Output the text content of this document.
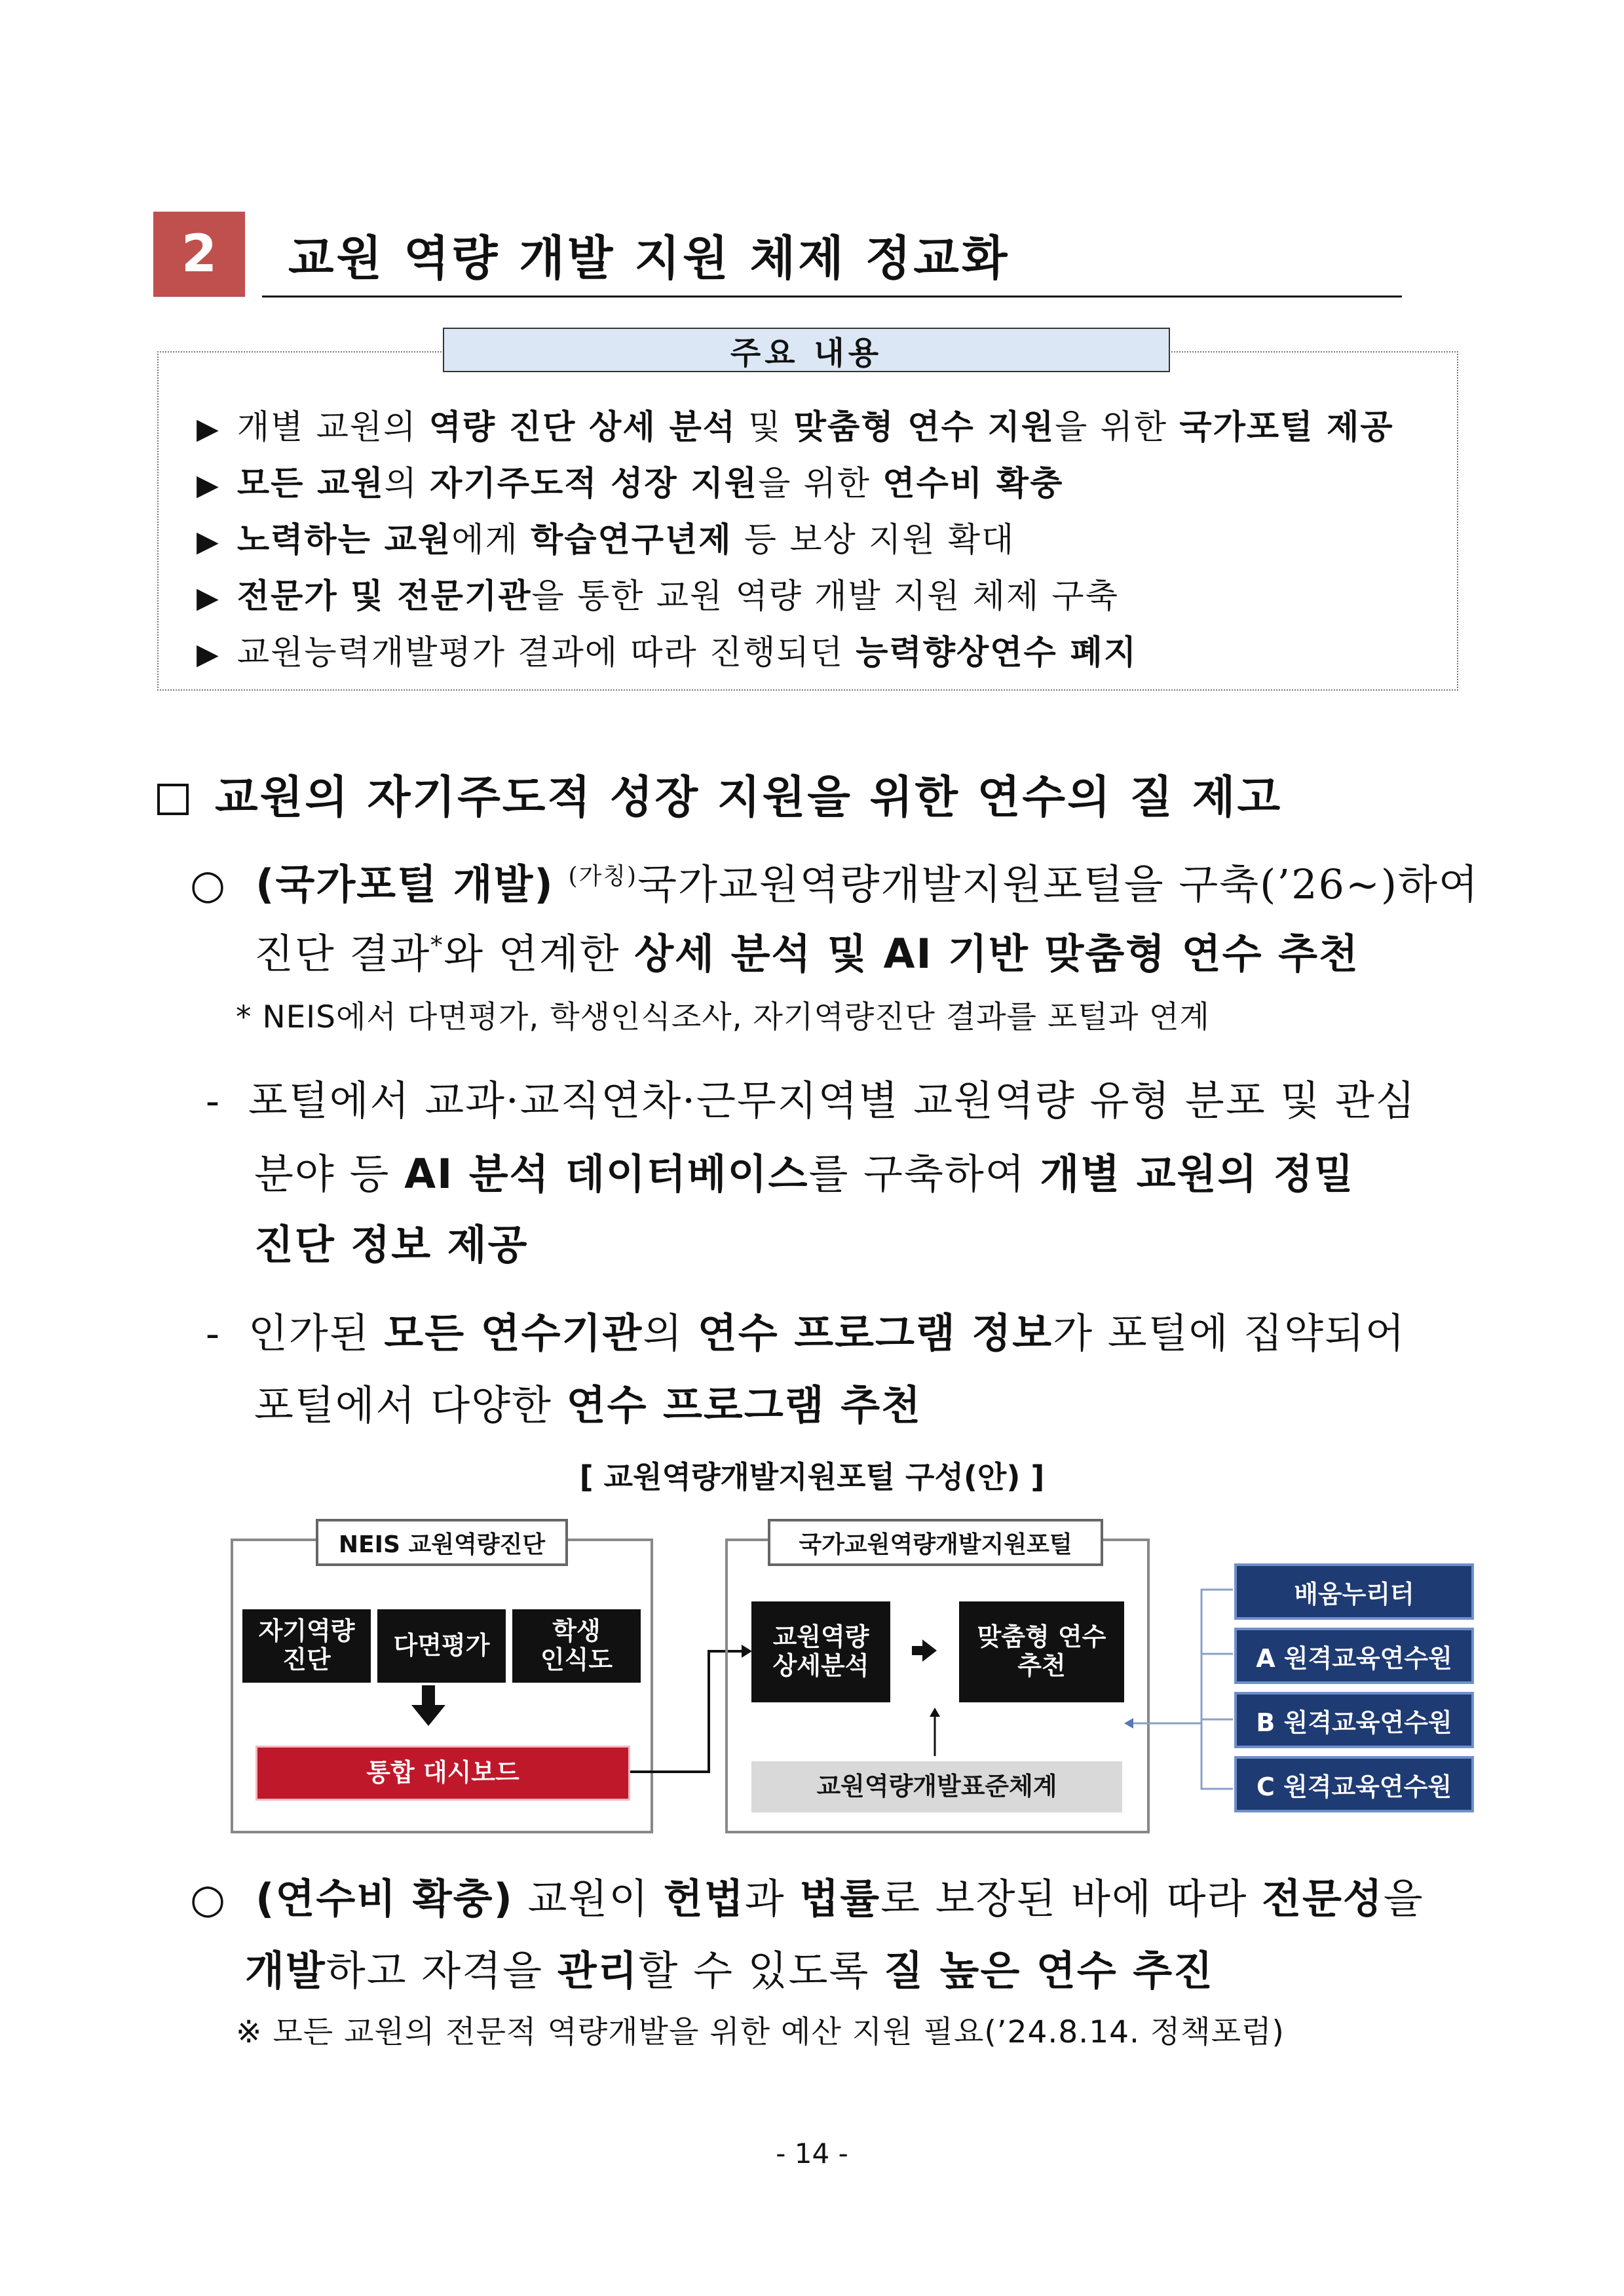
2	교원 역량 개발 지원 체제 정교화
주요 내용
▶ 개별 교원의 역량 진단 상세 분석 및 맞춤형 연수 지원을 위한 국가포털 제공
▶ 모든 교원의 자기주도적 성장 지원을 위한 연수비 확충
▶ 노력하는 교원에게 학습연구년제 등 보상 지원 확대
▶ 전문가 및 전문기관을 통한 교원 역량 개발 지원 체제 구축
▶ 교원능력개발평가 결과에 따라 진행되던 능력향상연수 폐지
교원의 자기주도적 성장 지원을 위한 연수의 질 제고
○ (국가포털 개발) $^{(가칭)}$국가교원역량개발지원포털을 구축(’26~)하여
진단 결과*와 연계한 상세 분석 및 AI 기반 맞춤형 연수 추천
* NEIS에서 다면평가, 학생인식조사, 자기역량진단 결과를 포털과 연계
- 포털에서 교과·교직연차·근무지역별 교원역량 유형 분포 및 관심
분야 등 AI 분석 데이터베이스를 구축하여 개별 교원의 정밀
진단 정보 제공
- 인가된 모든 연수기관의 연수 프로그램 정보가 포털에 집약되어
포털에서 다양한 연수 프로그램 추천
[ 교원역량개발지원포털 구성(안) ]
NEIS 교원역량진단
자기역량
진단	다면평가	학생
인식도
통합 대시보드
국가교원역량개발지원포털
교원역량
상세분석
맞춤형 연수
추천
교원역량개발표준체계
배움누리터
A 원격교육연수원
B 원격교육연수원
C 원격교육연수원
○ (연수비 확충) 교원이 헌법과 법률로 보장된 바에 따라 전문성을
개발하고 자격을 관리할 수 있도록 질 높은 연수 추진
※ 모든 교원의 전문적 역량개발을 위한 예산 지원 필요(’24.8.14. 정책포럼)
- 14 -
